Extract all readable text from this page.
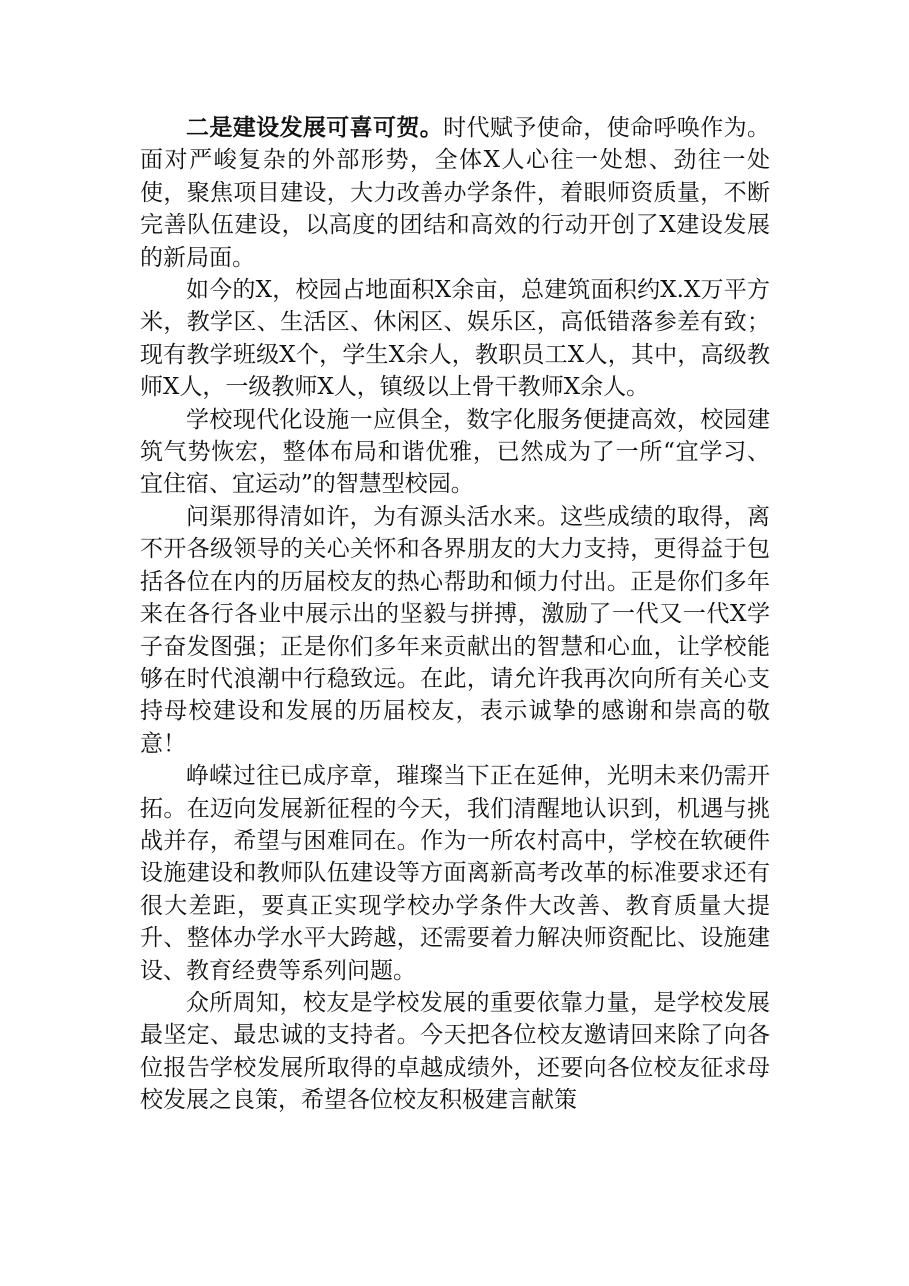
二是建设发展可喜可贺。时代赋予使命，使命呼唤作为。面对严峻复杂的外部形势，全体X人心往一处想、劲往一处使，聚焦项目建设，大力改善办学条件，着眼师资质量，不断完善队伍建设，以高度的团结和高效的行动开创了X建设发展的新局面。

如今的X，校园占地面积X余亩，总建筑面积约X.X万平方米，教学区、生活区、休闲区、娱乐区，高低错落参差有致；现有教学班级X个，学生X余人，教职员工X人，其中，高级教师X人，一级教师X人，镇级以上骨干教师X余人。

学校现代化设施一应俱全，数字化服务便捷高效，校园建筑气势恢宏，整体布局和谐优雅，已然成为了一所“宜学习、宜住宿、宜运动”的智慧型校园。

问渠那得清如许，为有源头活水来。这些成绩的取得，离不开各级领导的关心关怀和各界朋友的大力支持，更得益于包括各位在内的历届校友的热心帮助和倾力付出。正是你们多年来在各行各业中展示出的坚毅与拼搏，激励了一代又一代X学子奋发图强；正是你们多年来贡献出的智慧和心血，让学校能够在时代浪潮中行稳致远。在此，请允许我再次向所有关心支持母校建设和发展的历届校友，表示诚挚的感谢和崇高的敬意！

峥嵘过往已成序章，璀璨当下正在延伸，光明未来仍需开拓。在迈向发展新征程的今天，我们清醒地认识到，机遇与挑战并存，希望与困难同在。作为一所农村高中，学校在软硬件设施建设和教师队伍建设等方面离新高考改革的标准要求还有很大差距，要真正实现学校办学条件大改善、教育质量大提升、整体办学水平大跨越，还需要着力解决师资配比、设施建设、教育经费等系列问题。

众所周知，校友是学校发展的重要依靠力量，是学校发展最坚定、最忠诚的支持者。今天把各位校友邀请回来除了向各位报告学校发展所取得的卓越成绩外，还要向各位校友征求母校发展之良策，希望各位校友积极建言献策
